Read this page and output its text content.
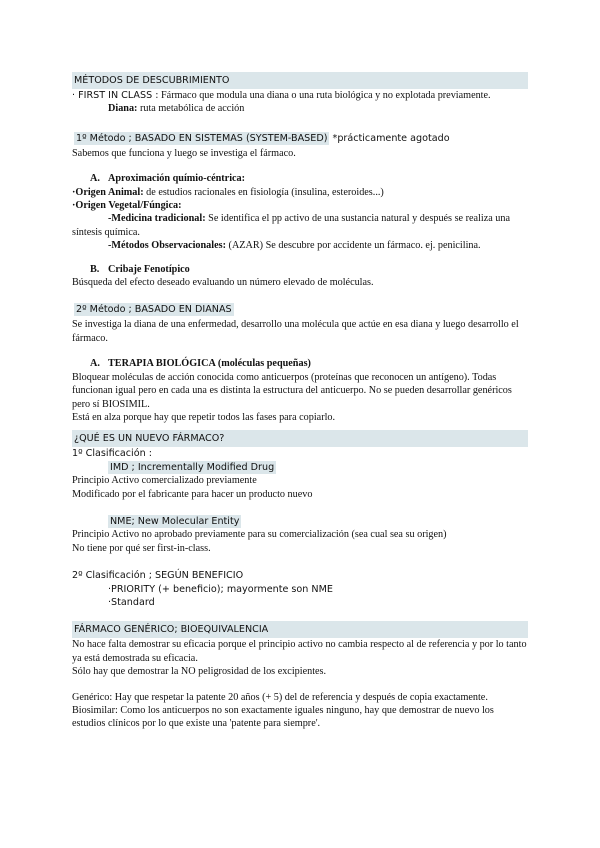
MÉTODOS DE DESCUBRIMIENTO
· FIRST IN CLASS : Fármaco que modula una diana o una ruta biológica y no explotada previamente.
Diana: ruta metabólica de acción
1º Método ; BASADO EN SISTEMAS (SYSTEM-BASED) *prácticamente agotado
Sabemos que funciona y luego se investiga el fármaco.
A. Aproximación químio-céntrica:
·Origen Animal: de estudios racionales en fisiología (insulina, esteroides...)
·Origen Vegetal/Fúngica:
-Medicina tradicional: Se identifica el pp activo de una sustancia natural y después se realiza una síntesis química.
-Métodos Observacionales: (AZAR) Se descubre por accidente un fármaco. ej. penicilina.
B. Cribaje Fenotípico
Búsqueda del efecto deseado evaluando un número elevado de moléculas.
2º Método ; BASADO EN DIANAS
Se investiga la diana de una enfermedad, desarrollo una molécula que actúe en esa diana y luego desarrollo el fármaco.
A. TERAPIA BIOLÓGICA (moléculas pequeñas)
Bloquear moléculas de acción conocida como anticuerpos (proteínas que reconocen un antígeno). Todas funcionan igual pero en cada una es distinta la estructura del anticuerpo. No se pueden desarrollar genéricos pero sí BIOSIMIL.
Está en alza porque hay que repetir todos las fases para copiarlo.
¿QUÉ ES UN NUEVO FÁRMACO?
1º Clasificación :
IMD ; Incrementally Modified Drug
Principio Activo comercializado previamente
Modificado por el fabricante para hacer un producto nuevo
NME; New Molecular Entity
Principio Activo no aprobado previamente para su comercialización (sea cual sea su origen)
No tiene por qué ser first-in-class.
2º Clasificación ; SEGÚN BENEFICIO
·PRIORITY (+ beneficio); mayormente son NME
·Standard
FÁRMACO GENÉRICO; BIOEQUIVALENCIA
No hace falta demostrar su eficacia porque el principio activo no cambia respecto al de referencia y por lo tanto ya está demostrada su eficacia.
Sólo hay que demostrar la NO peligrosidad de los excipientes.
Genérico: Hay que respetar la patente 20 años (+ 5) del de referencia y después de copia exactamente.
Biosimilar: Como los anticuerpos no son exactamente iguales ninguno, hay que demostrar de nuevo los estudios clínicos por lo que existe una 'patente para siempre'.
